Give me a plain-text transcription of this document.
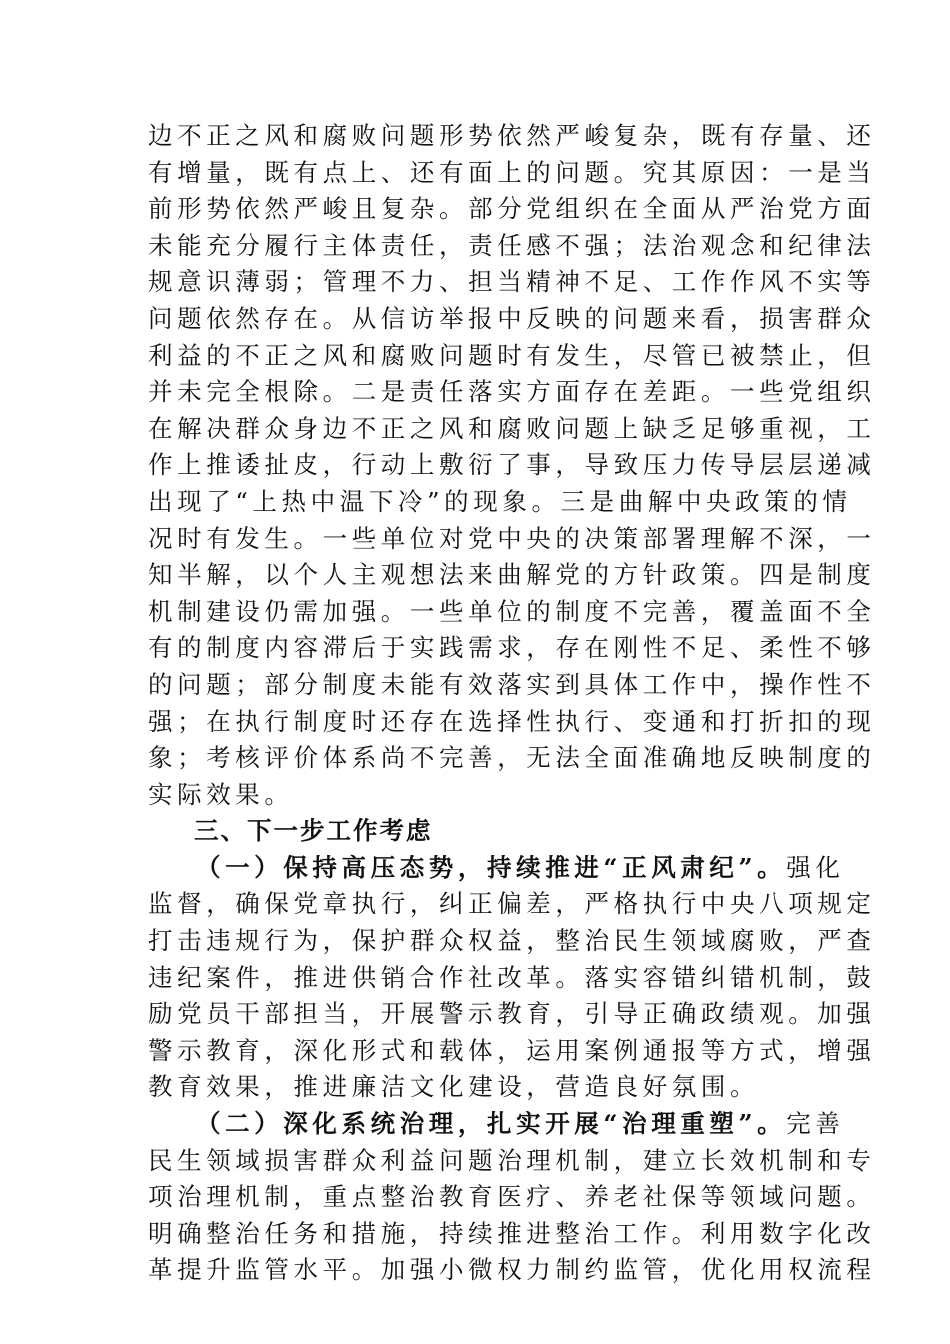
边不正之风和腐败问题形势依然严峻复杂，既有存量、还
有增量，既有点上、还有面上的问题。究其原因：一是当
前形势依然严峻且复杂。部分党组织在全面从严治党方面
未能充分履行主体责任，责任感不强；法治观念和纪律法
规意识薄弱；管理不力、担当精神不足、工作作风不实等
问题依然存在。从信访举报中反映的问题来看，损害群众
利益的不正之风和腐败问题时有发生，尽管已被禁止，但
并未完全根除。二是责任落实方面存在差距。一些党组织
在解决群众身边不正之风和腐败问题上缺乏足够重视，工
作上推诿扯皮，行动上敷衍了事，导致压力传导层层递减
出现了“上热中温下冷”的现象。三是曲解中央政策的情
况时有发生。一些单位对党中央的决策部署理解不深，一
知半解，以个人主观想法来曲解党的方针政策。四是制度
机制建设仍需加强。一些单位的制度不完善，覆盖面不全
有的制度内容滞后于实践需求，存在刚性不足、柔性不够
的问题；部分制度未能有效落实到具体工作中，操作性不
强；在执行制度时还存在选择性执行、变通和打折扣的现
象；考核评价体系尚不完善，无法全面准确地反映制度的
实际效果。

三、下一步工作考虑

（一）保持高压态势，持续推进“正风肃纪”。强化
监督，确保党章执行，纠正偏差，严格执行中央八项规定
打击违规行为，保护群众权益，整治民生领域腐败，严查
违纪案件，推进供销合作社改革。落实容错纠错机制，鼓
励党员干部担当，开展警示教育，引导正确政绩观。加强
警示教育，深化形式和载体，运用案例通报等方式，增强
教育效果，推进廉洁文化建设，营造良好氛围。

（二）深化系统治理，扎实开展“治理重塑”。完善
民生领域损害群众利益问题治理机制，建立长效机制和专
项治理机制，重点整治教育医疗、养老社保等领域问题。
明确整治任务和措施，持续推进整治工作。利用数字化改
革提升监管水平。加强小微权力制约监管，优化用权流程
